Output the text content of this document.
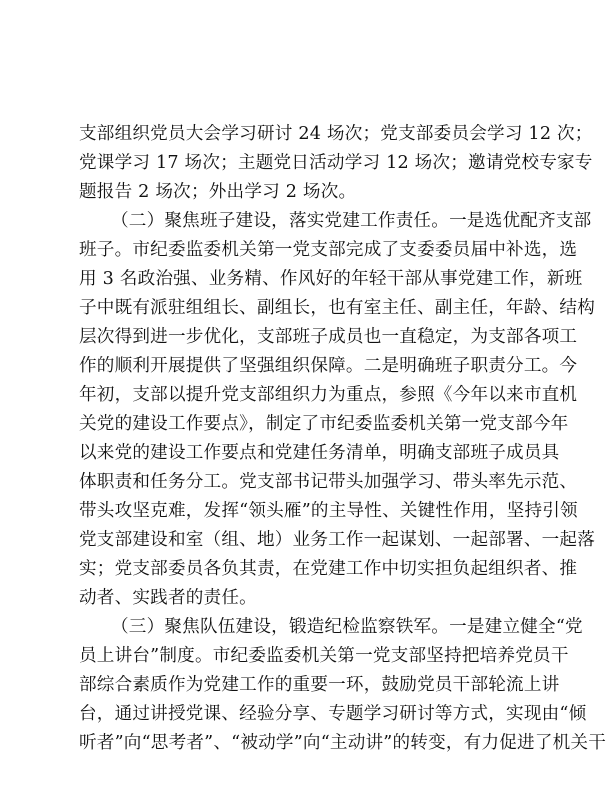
支部组织党员大会学习研讨 24 场次；党支部委员会学习 12 次；
党课学习 17 场次；主题党日活动学习 12 场次；邀请党校专家专
题报告 2 场次；外出学习 2 场次。
（二）聚焦班子建设，落实党建工作责任。一是选优配齐支部
班子。市纪委监委机关第一党支部完成了支委委员届中补选，选
用 3 名政治强、业务精、作风好的年轻干部从事党建工作，新班
子中既有派驻组组长、副组长，也有室主任、副主任，年龄、结构
层次得到进一步优化，支部班子成员也一直稳定，为支部各项工
作的顺利开展提供了坚强组织保障。二是明确班子职责分工。今
年初，支部以提升党支部组织力为重点，参照《今年以来市直机
关党的建设工作要点》，制定了市纪委监委机关第一党支部今年
以来党的建设工作要点和党建任务清单，明确支部班子成员具
体职责和任务分工。党支部书记带头加强学习、带头率先示范、
带头攻坚克难，发挥“领头雁”的主导性、关键性作用，坚持引领
党支部建设和室（组、地）业务工作一起谋划、一起部署、一起落
实；党支部委员各负其责，在党建工作中切实担负起组织者、推
动者、实践者的责任。
（三）聚焦队伍建设，锻造纪检监察铁军。一是建立健全“党
员上讲台”制度。市纪委监委机关第一党支部坚持把培养党员干
部综合素质作为党建工作的重要一环，鼓励党员干部轮流上讲
台，通过讲授党课、经验分享、专题学习研讨等方式，实现由“倾
听者”向“思考者”、“被动学”向“主动讲”的转变，有力促进了机关干
